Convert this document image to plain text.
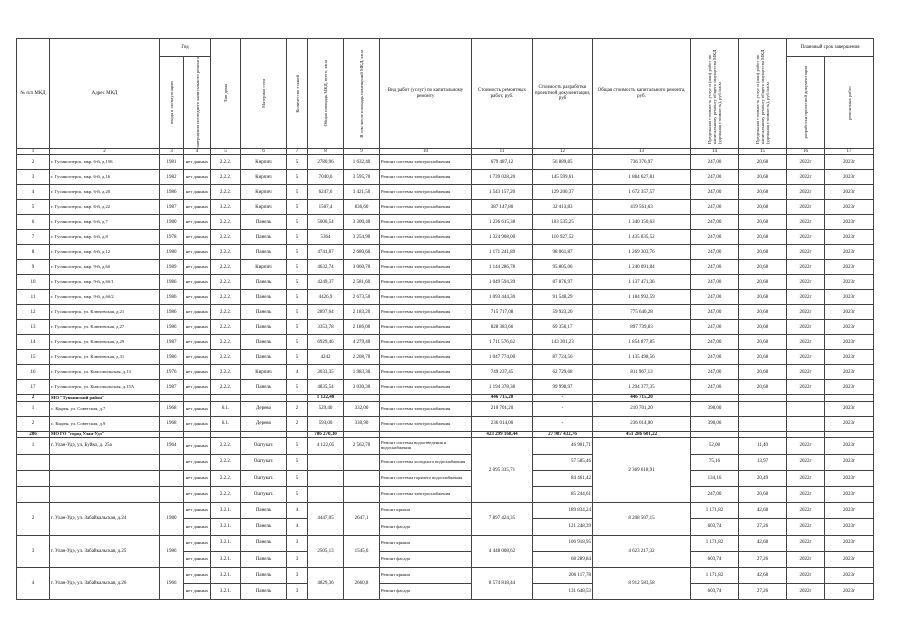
№ п/п МКД	Адрес МКД	Год		Тип дома	Материал стен	Количество этажей	Общая площадь МКД, всего, кв.м	В том числе площадь помещений МКД, кв.м	Вид работ (услуг) по капитальному ремонту	Стоимость ремонтных работ, руб.	Стоимость разработки проектной документации, руб	Общая стоимость капитального ремонта, руб.	Предельная стоимость услуг и (или) работ по капитальному ремонту общего имущества МКД (удельная стоимость), руб./кв.м	Предельная стоимость услуг и (или) работ по капитальному ремонту общего имущества МКД (удельная стоимость), руб./кв.м	Плановый срок завершения	

		ввода в эксплуатацию	завершения последнего капитального ремонта												разработки проектной документации	ремонтных работ

1	2	3	4	5	6	7	8	9	10	11	12	13	14	15	16	17
2	г. Гусиноозерск, мкр. 6-й, д.15Б	1981	нет данных	2.2.2.	Кирпич	5	2780,96	1 632,40	Ремонт системы электроснабжения	679 487,12	56 889,85	736 376,97	247,00	20,68	2022г	2023г
3	г. Гусиноозерск, мкр. 6-й, д.16	1982	нет данных	2.2.2.	Кирпич	5	7040,6	3 595,70	Ремонт системы электроснабжения	1 739 028,20	145 599,61	1 884 627,81	247,00	20,68	2022г	2023г
4	г. Гусиноозерск, мкр. 6-й, д.20	1986	нет данных	2.2.2.	Кирпич	5	6247,6	3 421,50	Ремонт системы электроснабжения	1 543 157,20	129 200,37	1 672 357,57	247,00	20,68	2022г	2023г
5	г. Гусиноозерск, мкр. 6-й, д.22	1987	нет данных	3.2.2.	Кирпич	5	1567,4	836,60	Ремонт системы электроснабжения	387 147,80	32 413,83	419 561,63	247,00	20,68	2022г	2023г
6	г. Гусиноозерск, мкр. 6-й, д.7	1980	нет данных	2.2.2.	Панель	5	5006,54	3 300,40	Ремонт системы электроснабжения	1 236 615,38	103 535,25	1 340 150,63	247,00	20,68	2022г	2023г
7	г. Гусиноозерск, мкр. 6-й, д.8	1978	нет данных	2.2.2.	Панель	5	5364	3 254,90	Ремонт системы электроснабжения	1 324 908,00	110 927,52	1 435 835,52	247,00	20,68	2022г	2023г
8	г. Гусиноозерск, мкр. 6-й, д.12	1980	нет данных	2.2.2.	Панель	5	4741,87	2 680,60	Ремонт системы электроснабжения	1 171 241,89	98 061,87	1 269 303,76	247,00	20,68	2022г	2023г
9	г. Гусиноозерск, мкр. 9-й, д.6б	1989	нет данных	2.2.2.	Кирпич	5	4632,74	3 060,70	Ремонт системы электроснабжения	1 144 286,78	95 805,06	1 240 091,84	247,00	20,68	2022г	2023г
10	г. Гусиноозерск, мкр. 9-й, д.6б/1	1986	нет данных	2.2.2.	Панель	5	4249,37	2 581,60	Ремонт системы электроснабжения	1 049 594,39	87 876,97	1 137 471,36	247,00	20,68	2022г	2023г
11	г. Гусиноозерск, мкр. 9-й, д.6б/2	1986	нет данных	2.2.2.	Панель	5	4426,9	2 673,50	Ремонт системы электроснабжения	1 093 444,30	91 548,29	1 184 992,59	247,00	20,68	2022г	2023г
12	г. Гусиноозерск, ул. Ключевская, д.21	1986	нет данных	2.2.2.	Панель	5	2897,64	2 183,20	Ремонт системы электроснабжения	715 717,08	59 923,20	775 640,28	247,00	20,68	2022г	2023г
13	г. Гусиноозерск, ул. Ключевская, д.27	1986	нет данных	2.2.2.	Панель	5	3353,78	2 186,00	Ремонт системы электроснабжения	828 383,66	69 356,17	897 739,83	247,00	20,68	2022г	2023г
14	г. Гусиноозерск, ул. Ключевская, д.29	1987	нет данных	2.2.2.	Панель	5	6929,46	4 279,40	Ремонт системы электроснабжения	1 711 576,62	143 301,23	1 854 877,85	247,00	20,68	2022г	2023г
15	г. Гусиноозерск, ул. Ключевская, д.31	1986	нет данных	2.2.2.	Панель	5	4242	2 208,70	Ремонт системы электроснабжения	1 047 774,00	87 724,56	1 135 498,56	247,00	20,68	2022г	2023г
16	г. Гусиноозерск, ул. Комсомольская, д.13	1976	нет данных	2.2.2.	Кирпич	4	3033,35	1 983,30	Ремонт системы электроснабжения	749 237,45	62 729,68	811 967,13	247,00	20,68	2022г	2023г
17	г. Гусиноозерск, ул. Комсомольская, д.15А	1987	нет данных	2.2.2.	Панель	5	4835,54	3 030,30	Ремонт системы электроснабжения	1 194 378,38	99 998,97	1 294 377,35	247,00	20,68	2022г	2023г
2	МО "Тункинский район"						1 122,40			446 715,20	-	446 715,20				
1	с. Кырен, ул. Советская, д.7	1968	нет данных	6.1.	Дерево	2	529,40	332,00	Ремонт системы электроснабжения	210 701,20	-	210 701,20	398,00			2023г
2	с. Кырен, ул. Советская, д.9	1968	нет данных	6.1.	Дерево	2	593,00	330,90	Ремонт системы электроснабжения	236 014,00	-	236 014,00	398,00			2023г
286	МО ГО "город Улан-Удэ"						786 270,30			423 299 168,44	27 987 432,76	451 286 601,22				
1	г. Улан-Удэ, ул. Буйко, д. 25а	1964	нет данных	2.2.2.	Оштукат.	5	4 122,05	2 562,70	Ремонт системы водоотведения и водоснабжения	2 095 335,71	46 901,71	2 369 618,91	52,00	11,40	2022г	2023г
			нет данных	2.2.2.	Оштукат.	5			Ремонт системы холодного водоснабжения		57 585,46		75,16	13,97	2022г	2023г
			нет данных	2.2.2.	Оштукат.	5			Ремонт системы горячего водоснабжения		84 461,42		134,16	20,49	2022г	2023г
			нет данных	2.2.2.	Оштукат.	5			Ремонт системы электроснабжения		85 244,61		247,00	20,68	2022г	2023г
2	г. Улан-Удэ, ул. Забайкальская, д.24	1980	нет данных	3.2.1.	Панель	4	4447,05	2647,1	Ремонт крыши	7 897 424,35	189 834,24	8 208 507,15	1 171,82	42,68	2022г	2023г
			нет данных	3.2.1.	Панель	4			Ремонт фасада		121 248,39		603,74	27,26	2022г	2023г
3	г. Улан-Удэ, ул. Забайкальская, д.25	1986	нет данных	3.2.1.	Панель	3	2505,13	1545,6	Ремонт крыши	4 448 008,62	106 918,95	4 623 217,32	1 171,82	42,68	2022г	2023г
			нет данных	3.2.1.	Панель	3			Ремонт фасада		68 289,84		603,74	27,26	2022г	2023г
4	г. Улан-Удэ, ул. Забайкальская, д.26	1966	нет данных	3.2.1.	Панель	3	4829,36	2660,8	Ремонт крыши	8 574 818,44	206 117,78	8 912 583,58	1 171,82	42,68	2022г	2023г
			нет данных	3.2.1.	Панель	3			Ремонт фасада		131 648,53		603,74	27,26	2022г	2023г
